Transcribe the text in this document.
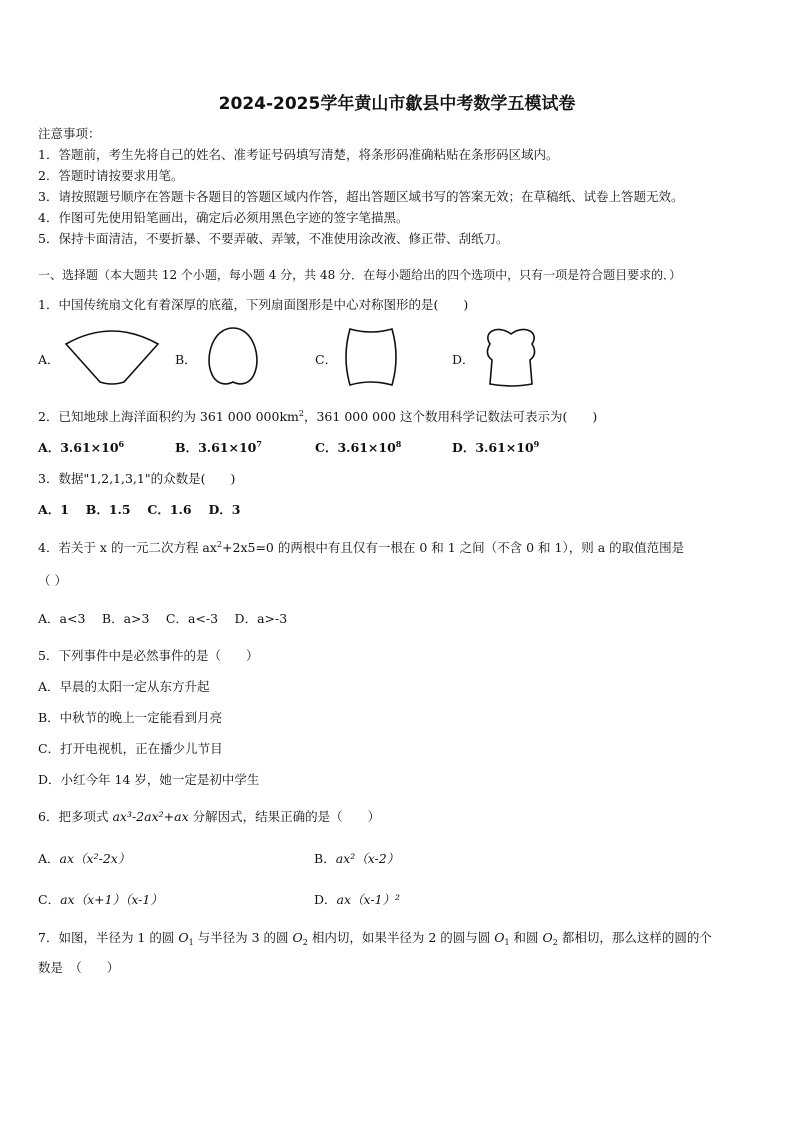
2024-2025学年黄山市歙县中考数学五模试卷
注意事项：
1．答题前，考生先将自己的姓名、准考证号码填写清楚，将条形码准确粘贴在条形码区域内。
2．答题时请按要求用笔。
3．请按照题号顺序在答题卡各题目的答题区域内作答，超出答题区域书写的答案无效；在草稿纸、试卷上答题无效。
4．作图可先使用铅笔画出，确定后必须用黑色字迹的签字笔描黑。
5．保持卡面清洁，不要折暴、不要弄破、弄皱，不准使用涂改液、修正带、刮纸刀。
一、选择题（本大题共 12 个小题，每小题 4 分，共 48 分．在每小题给出的四个选项中，只有一项是符合题目要求的．）
1．中国传统扇文化有着深厚的底蕴，下列扇面图形是中心对称图形的是(　　)
A．	B．	C．	D．
2．已知地球上海洋面积约为 361 000 $000km^2$，361 000 000 这个数用科学记数法可表示为(　　)
A．$3.61\times 10^6$	B．$3.61\times 10^7$	C．$3.61\times 10^8$	D．$3.61\times 10^9$
3．数据"1,2,1,3,1"的众数是(　　)
A．1　 B．1.5　 C．1.6　 D．3
4．若关于 x 的一元二次方程 $ax^2+2x5=0$ 的两根中有且仅有一根在 0 和 1 之间（不含 0 和 1），则 a 的取值范围是
（ ）
A．a<3　 B．a>3　 C．a<-3　 D．a>-3
5．下列事件中是必然事件的是（　　）
A．早晨的太阳一定从东方升起
B．中秋节的晚上一定能看到月亮
C．打开电视机，正在播少儿节目
D．小红今年 14 岁，她一定是初中学生
6．把多项式 ax³-2ax²+ax 分解因式，结果正确的是（　　）
A．ax（x²-2x）	B．ax²（x-2）
C．ax（x+1）（x-1）	D．ax（x-1）²
7．如图，半径为 1 的圆 $O_1$ 与半径为 3 的圆 $O_2$ 相内切，如果半径为 2 的圆与圆 $O_1$ 和圆 $O_2$ 都相切，那么这样的圆的个
数是　（　　）
